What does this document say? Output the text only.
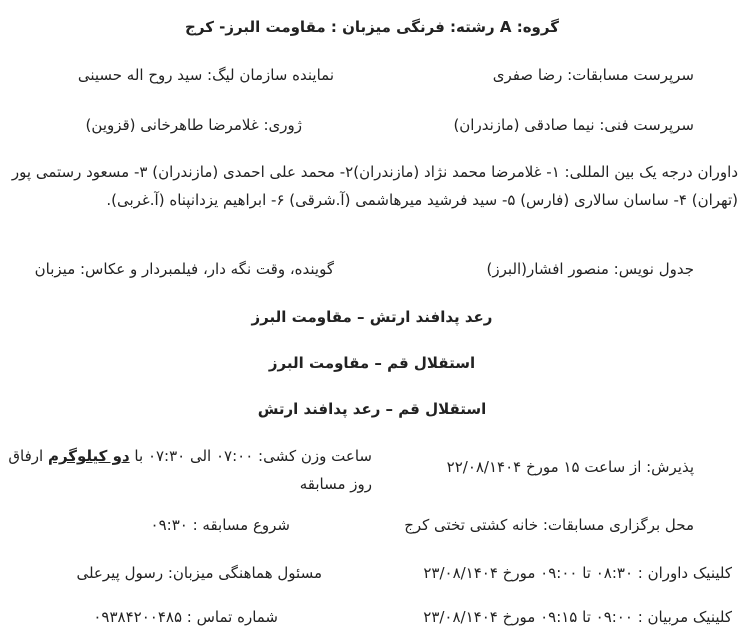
گروه: A رشته: فرنگی میزبان : مقاومت البرز- کرج
سرپرست مسابقات: رضا صفری
نماینده سازمان لیگ: سید روح اله حسینی
سرپرست فنی: نیما صادقی (مازندران)
ژوری: غلامرضا طاهرخانی (قزوین)
داوران درجه یک بین المللی: ۱- غلامرضا محمد نژاد (مازندران)۲- محمد علی احمدی (مازندران) ۳- مسعود رستمی پور (تهران) ۴- ساسان سالاری (فارس) ۵- سید فرشید میرهاشمی (آ.شرقی) ۶- ابراهیم یزدانپناه (آ.غربی).
جدول نویس: منصور افشار(البرز)
گوینده، وقت نگه دار، فیلمبردار و عکاس: میزبان
رعد پدافند ارتش – مقاومت البرز
استقلال قم – مقاومت البرز
استقلال قم – رعد پدافند ارتش
پذیرش: از ساعت ۱۵ مورخ ۲۲/۰۸/۱۴۰۴
ساعت وزن کشی: ۰۷:۰۰ الی ۰۷:۳۰ با دو کیلوگرم ارفاق روز مسابقه
محل برگزاری مسابقات: خانه کشتی تختی کرج
شروع مسابقه : ۰۹:۳۰
کلینیک داوران : ۰۸:۳۰ تا ۰۹:۰۰ مورخ ۲۳/۰۸/۱۴۰۴
مسئول هماهنگی میزبان: رسول پیرعلی
کلینیک مربیان : ۰۹:۰۰ تا ۰۹:۱۵ مورخ ۲۳/۰۸/۱۴۰۴
شماره تماس : ۰۹۳۸۴۲۰۰۴۸۵
